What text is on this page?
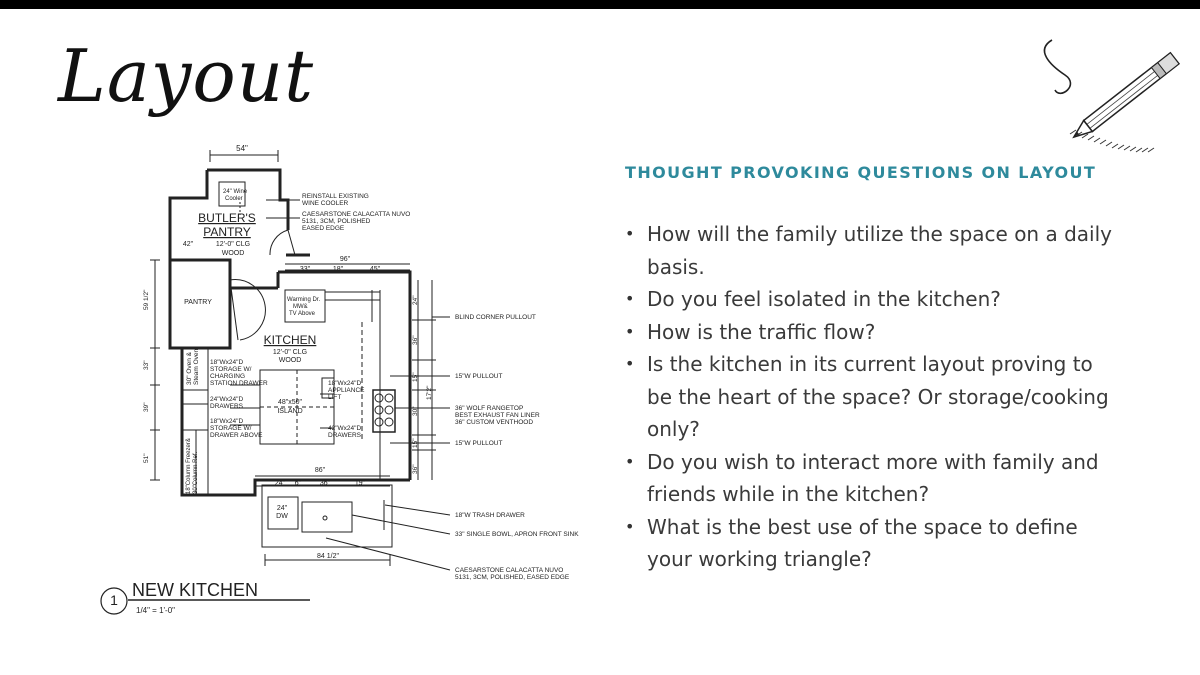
Layout
54"
BUTLER'S
PANTRY
12'-0" CLG
WOOD
42"
PANTRY
KITCHEN
12'-0" CLG
WOOD
48"x50"
ISLAND
24"
DW
96"
33"	18"	45"
86"
24" 6"	36"	19"
84 1/2"
24" Wine
Cooler	REINSTALL EXISTING
WINE COOLER
CAESARSTONE CALACATTA NUVO
5131, 3CM, POLISHED
EASED EDGE
Warming Dr.
MW&
TV Above	BLIND CORNER PULLOUT
15"W PULLOUT
36" WOLF RANGETOP
BEST EXHAUST FAN LINER
36" CUSTOM VENTHOOD
15"W PULLOUT
18"W TRASH DRAWER
33" SINGLE BOWL, APRON FRONT SINK
CAESARSTONE CALACATTA NUVO
5131, 3CM, POLISHED, EASED EDGE
18"Wx24"D
STORAGE W/
CHARGING
STATION DRAWER
24"Wx24"D
DRAWERS
18"Wx24"D
STORAGE W/
DRAWER ABOVE
18"Wx24"D
APPLIANCE
LIFT
42"Wx24"D
DRAWERS
30" Oven & Steam Oven
18"Column Freezer& 30"Column Ref.
59 1/2"
33"
39"
51"
24"
36"
15"
30"
15"
36"
17'2"
1 NEW KITCHEN
1/4" = 1'-0"
THOUGHT PROVOKING QUESTIONS ON LAYOUT
• How will the family utilize the space on a daily basis.
• Do you feel isolated in the kitchen?
• How is the traffic flow?
• Is the kitchen in its current layout proving to be the heart of the space? Or storage/cooking only?
• Do you wish to interact more with family and friends while in the kitchen?
• What is the best use of the space to define your working triangle?
